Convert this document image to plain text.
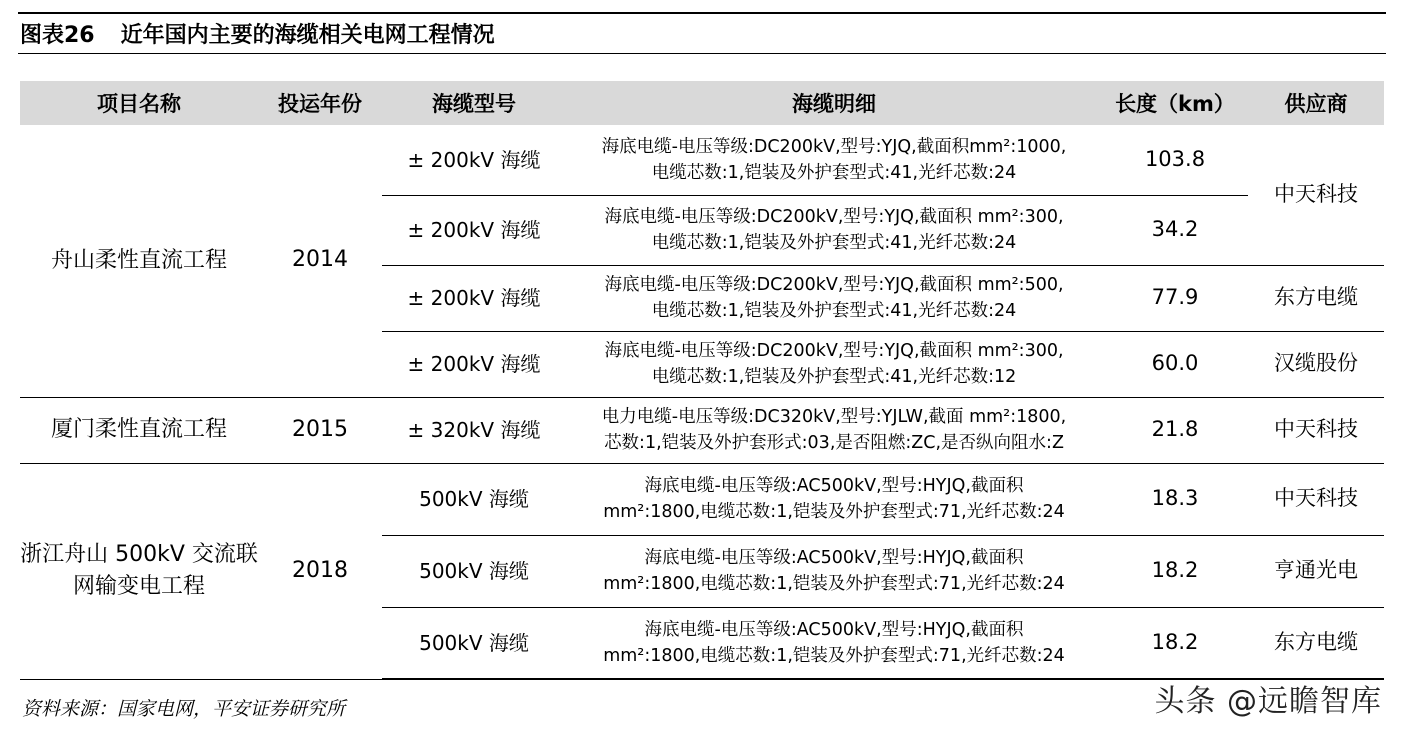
图表26 近年国内主要的海缆相关电网工程情况
项目名称	投运年份	海缆型号	海缆明细	长度（km）	供应商
舟山柔性直流工程	2014	± 200kV 海缆	海底电缆-电压等级:DC200kV,型号:YJQ,截面积mm²:1000,
电缆芯数:1,铠装及外护套型式:41,光纤芯数:24	103.8	中天科技
		± 200kV 海缆	海底电缆-电压等级:DC200kV,型号:YJQ,截面积 mm²:300,
电缆芯数:1,铠装及外护套型式:41,光纤芯数:24	34.2	
		± 200kV 海缆	海底电缆-电压等级:DC200kV,型号:YJQ,截面积 mm²:500,
电缆芯数:1,铠装及外护套型式:41,光纤芯数:24	77.9	东方电缆
		± 200kV 海缆	海底电缆-电压等级:DC200kV,型号:YJQ,截面积 mm²:300,
电缆芯数:1,铠装及外护套型式:41,光纤芯数:12	60.0	汉缆股份
厦门柔性直流工程	2015	± 320kV 海缆	电力电缆-电压等级:DC320kV,型号:YJLW,截面 mm²:1800,
芯数:1,铠装及外护套形式:03,是否阻燃:ZC,是否纵向阻水:Z	21.8	中天科技
浙江舟山 500kV 交流联网输变电工程	2018	500kV 海缆	海底电缆-电压等级:AC500kV,型号:HYJQ,截面积
mm²:1800,电缆芯数:1,铠装及外护套型式:71,光纤芯数:24	18.3	中天科技
		500kV 海缆	海底电缆-电压等级:AC500kV,型号:HYJQ,截面积
mm²:1800,电缆芯数:1,铠装及外护套型式:71,光纤芯数:24	18.2	亨通光电
		500kV 海缆	海底电缆-电压等级:AC500kV,型号:HYJQ,截面积
mm²:1800,电缆芯数:1,铠装及外护套型式:71,光纤芯数:24	18.2	东方电缆
资料来源：国家电网，平安证券研究所	头条 @远瞻智库
